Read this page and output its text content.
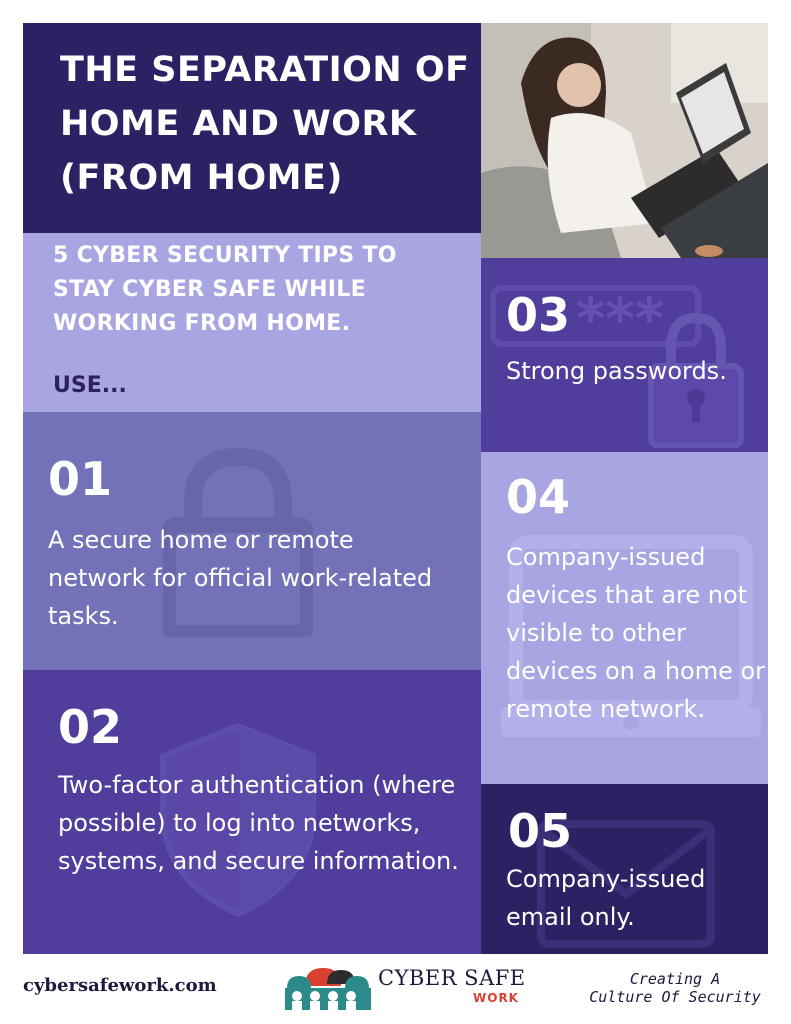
THE SEPARATION OF HOME AND WORK (FROM HOME)
5 CYBER SECURITY TIPS TO STAY CYBER SAFE WHILE WORKING FROM HOME.
USE...
01
A secure home or remote network for official work-related tasks.
02
Two-factor authentication (where possible) to log into networks, systems, and secure information.
***
03
Strong passwords.
04
Company-issued devices that are not visible to other devices on a home or remote network.
05
Company-issued email only.
cybersafework.com	CYBER SAFE
WORK
Creating A
Culture Of Security
